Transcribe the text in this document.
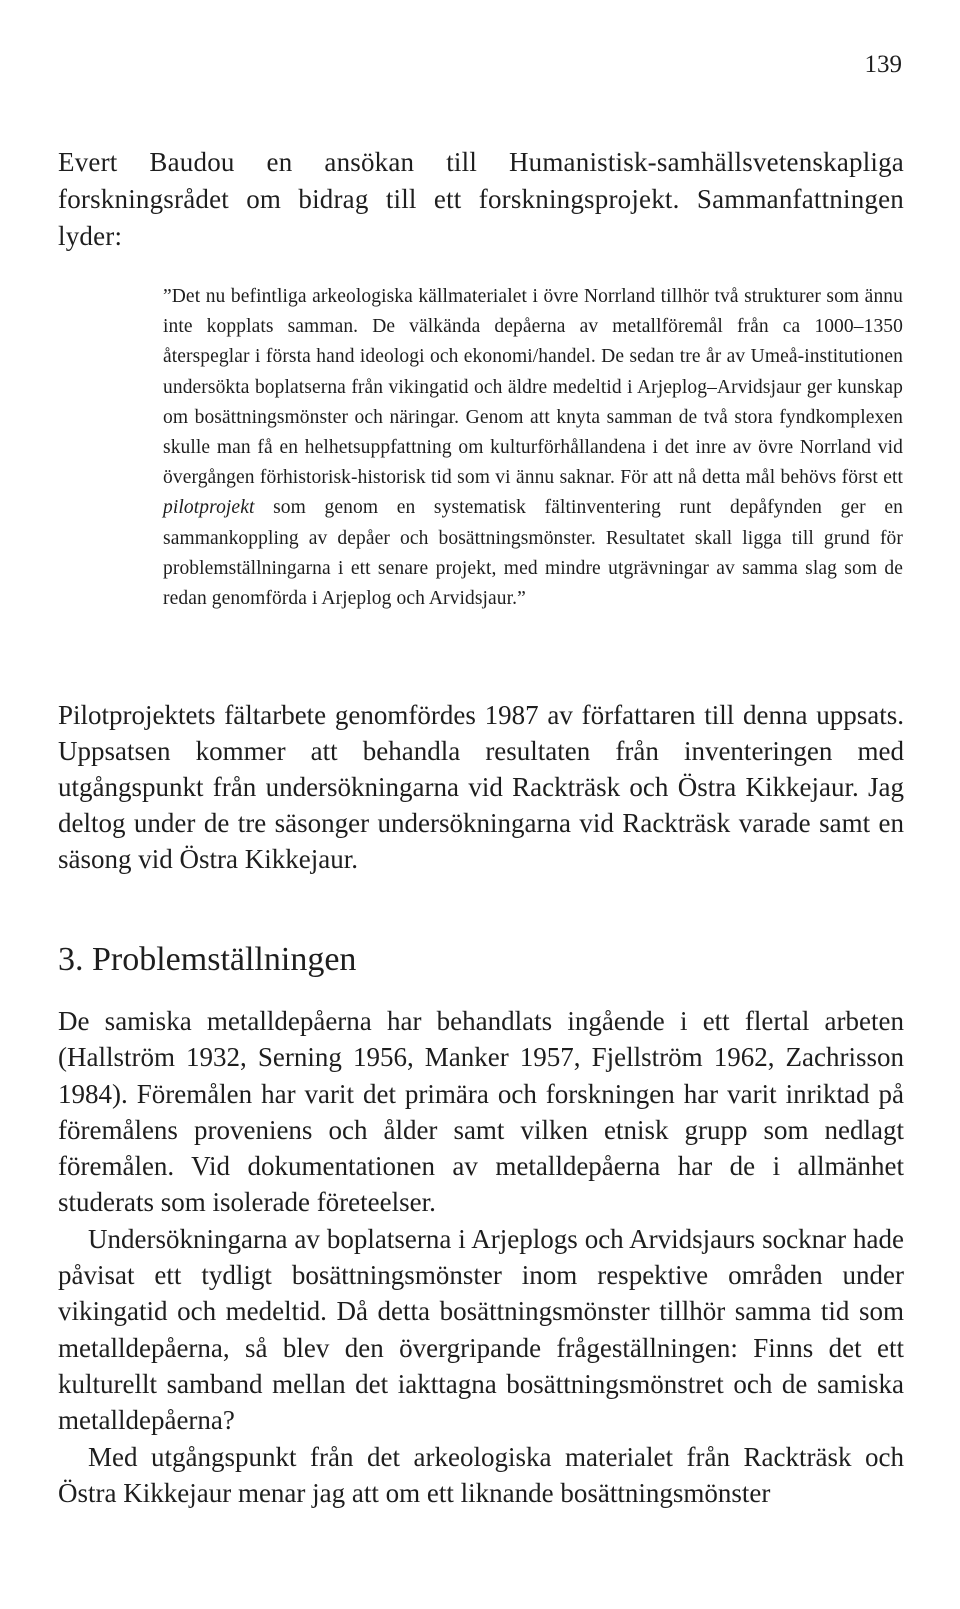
139

Evert Baudou en ansökan till Humanistisk-samhällsvetenskapliga forskningsrådet om bidrag till ett forskningsprojekt. Sammanfattningen lyder:

”Det nu befintliga arkeologiska källmaterialet i övre Norrland tillhör två strukturer som ännu inte kopplats samman. De välkända depåerna av metallföremål från ca 1000–1350 återspeglar i första hand ideologi och ekonomi/handel. De sedan tre år av Umeå-institutionen undersökta boplatserna från vikingatid och äldre medeltid i Arjeplog–Arvidsjaur ger kunskap om bosättningsmönster och näringar. Genom att knyta samman de två stora fyndkomplexen skulle man få en helhetsuppfattning om kulturförhållandena i det inre av övre Norrland vid övergången förhistorisk-historisk tid som vi ännu saknar. För att nå detta mål behövs först ett pilotprojekt som genom en systematisk fältinventering runt depåfynden ger en sammankoppling av depåer och bosättningsmönster. Resultatet skall ligga till grund för problemställningarna i ett senare projekt, med mindre utgrävningar av samma slag som de redan genomförda i Arjeplog och Arvidsjaur.”

Pilotprojektets fältarbete genomfördes 1987 av författaren till denna uppsats. Uppsatsen kommer att behandla resultaten från inventeringen med utgångspunkt från undersökningarna vid Rackträsk och Östra Kikkejaur. Jag deltog under de tre säsonger undersökningarna vid Rackträsk varade samt en säsong vid Östra Kikkejaur.

3. Problemställningen

De samiska metalldepåerna har behandlats ingående i ett flertal arbeten (Hallström 1932, Serning 1956, Manker 1957, Fjellström 1962, Zachrisson 1984). Föremålen har varit det primära och forskningen har varit inriktad på föremålens proveniens och ålder samt vilken etnisk grupp som nedlagt föremålen. Vid dokumentationen av metalldepåerna har de i allmänhet studerats som isolerade företeelser.

Undersökningarna av boplatserna i Arjeplogs och Arvidsjaurs socknar hade påvisat ett tydligt bosättningsmönster inom respektive områden under vikingatid och medeltid. Då detta bosättningsmönster tillhör samma tid som metalldepåerna, så blev den övergripande frågeställningen: Finns det ett kulturellt samband mellan det iakttagna bosättningsmönstret och de samiska metalldepåerna?

Med utgångspunkt från det arkeologiska materialet från Rackträsk och Östra Kikkejaur menar jag att om ett liknande bosättningsmönster
